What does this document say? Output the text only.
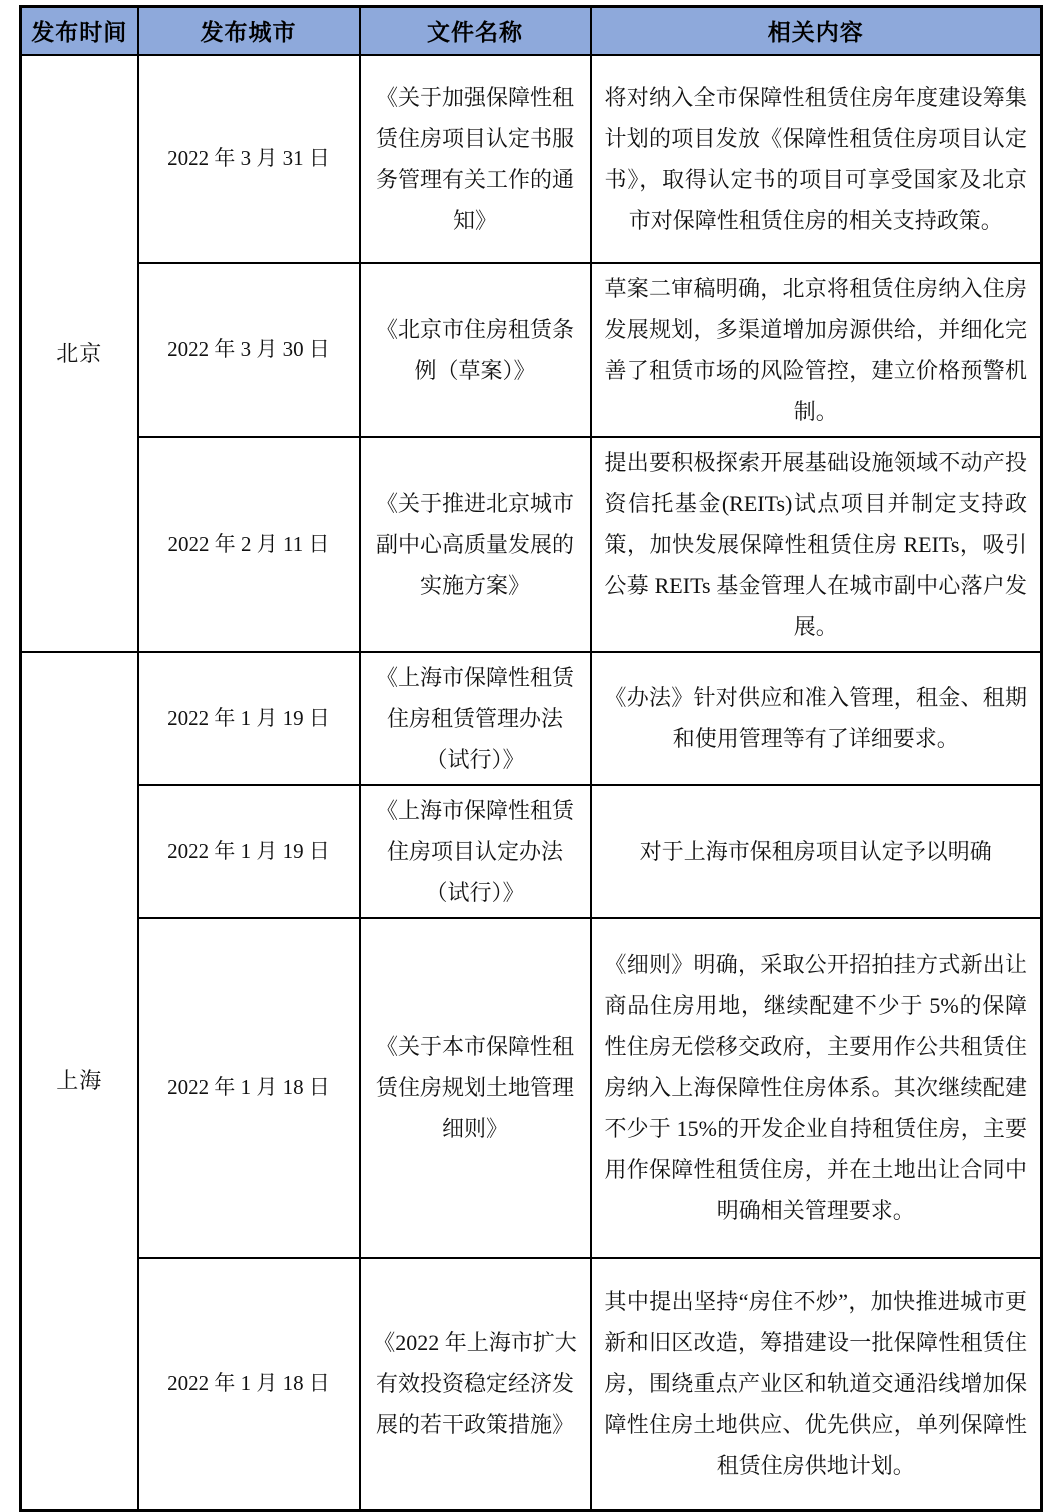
发布时间	发布城市	文件名称	相关内容
北京	2022 年 3 月 31 日	《关于加强保障性租赁住房项目认定书服务管理有关工作的通知》	将对纳入全市保障性租赁住房年度建设筹集计划的项目发放《保障性租赁住房项目认定书》，取得认定书的项目可享受国家及北京市对保障性租赁住房的相关支持政策。
	2022 年 3 月 30 日	《北京市住房租赁条例（草案）》	草案二审稿明确，北京将租赁住房纳入住房发展规划，多渠道增加房源供给，并细化完善了租赁市场的风险管控，建立价格预警机制。
	2022 年 2 月 11 日	《关于推进北京城市副中心高质量发展的实施方案》	提出要积极探索开展基础设施领域不动产投资信托基金(REITs)试点项目并制定支持政策，加快发展保障性租赁住房 REITs，吸引公募 REITs 基金管理人在城市副中心落户发展。
上海	2022 年 1 月 19 日	《上海市保障性租赁住房租赁管理办法（试行）》	《办法》针对供应和准入管理，租金、租期和使用管理等有了详细要求。
	2022 年 1 月 19 日	《上海市保障性租赁住房项目认定办法（试行）》	对于上海市保租房项目认定予以明确
	2022 年 1 月 18 日	《关于本市保障性租赁住房规划土地管理细则》	《细则》明确，采取公开招拍挂方式新出让商品住房用地，继续配建不少于 5%的保障性住房无偿移交政府，主要用作公共租赁住房纳入上海保障性住房体系。其次继续配建不少于 15%的开发企业自持租赁住房，主要用作保障性租赁住房，并在土地出让合同中明确相关管理要求。
	2022 年 1 月 18 日	《2022 年上海市扩大有效投资稳定经济发展的若干政策措施》	其中提出坚持“房住不炒”，加快推进城市更新和旧区改造，筹措建设一批保障性租赁住房，围绕重点产业区和轨道交通沿线增加保障性住房土地供应、优先供应，单列保障性租赁住房供地计划。
